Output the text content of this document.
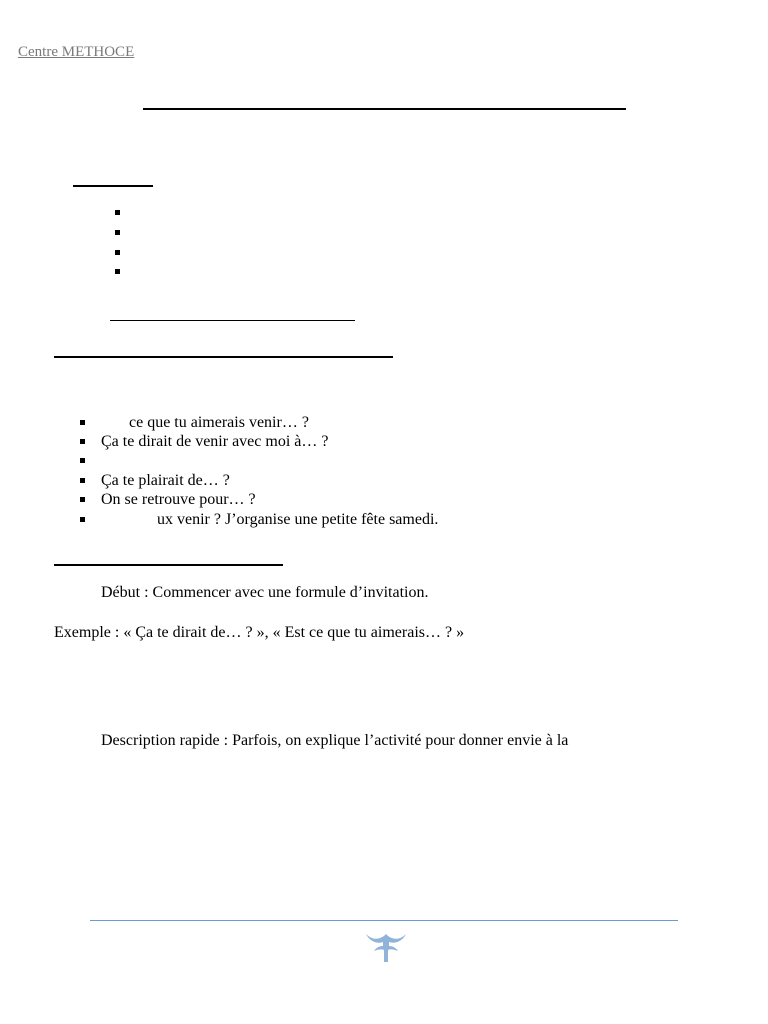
Centre METHOCE
ce que tu aimerais venir… ?
Ça te dirait de venir avec moi à… ?
Ça te plairait de… ?
On se retrouve pour… ?
ux venir ? J’organise une petite fête samedi.
Début : Commencer avec une formule d’invitation.
Exemple : « Ça te dirait de… ? », « Est ce que tu aimerais… ? »
Description rapide : Parfois, on explique l’activité pour donner envie à la
